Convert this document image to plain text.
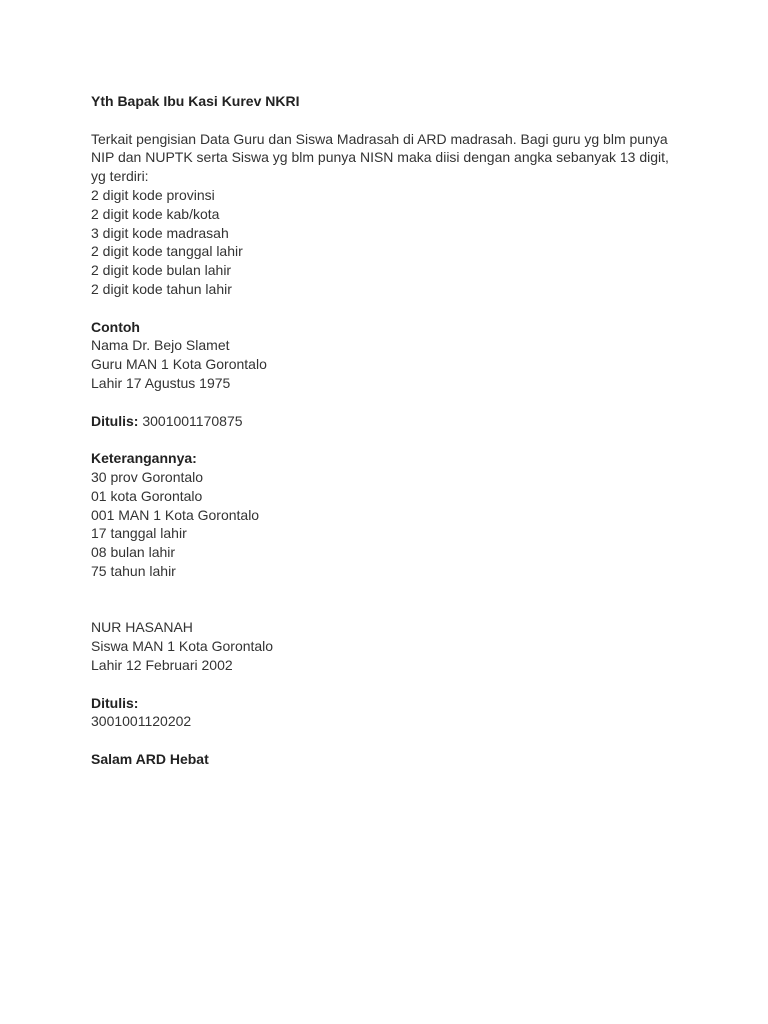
Yth Bapak Ibu Kasi Kurev NKRI
Terkait pengisian Data Guru dan Siswa Madrasah di ARD madrasah. Bagi guru yg blm punya NIP dan NUPTK serta Siswa yg blm punya NISN maka diisi dengan angka sebanyak 13 digit, yg terdiri:
2 digit kode provinsi
2 digit kode kab/kota
3 digit kode madrasah
2 digit kode tanggal lahir
2 digit kode bulan lahir
2 digit kode tahun lahir
Contoh
Nama Dr. Bejo Slamet
Guru MAN 1 Kota Gorontalo
Lahir 17 Agustus 1975
Ditulis: 3001001170875
Keterangannya:
30 prov Gorontalo
01 kota Gorontalo
001 MAN 1 Kota Gorontalo
17 tanggal lahir
08 bulan lahir
75 tahun lahir
NUR HASANAH
Siswa MAN 1 Kota Gorontalo
Lahir 12 Februari 2002
Ditulis:
3001001120202
Salam ARD Hebat
